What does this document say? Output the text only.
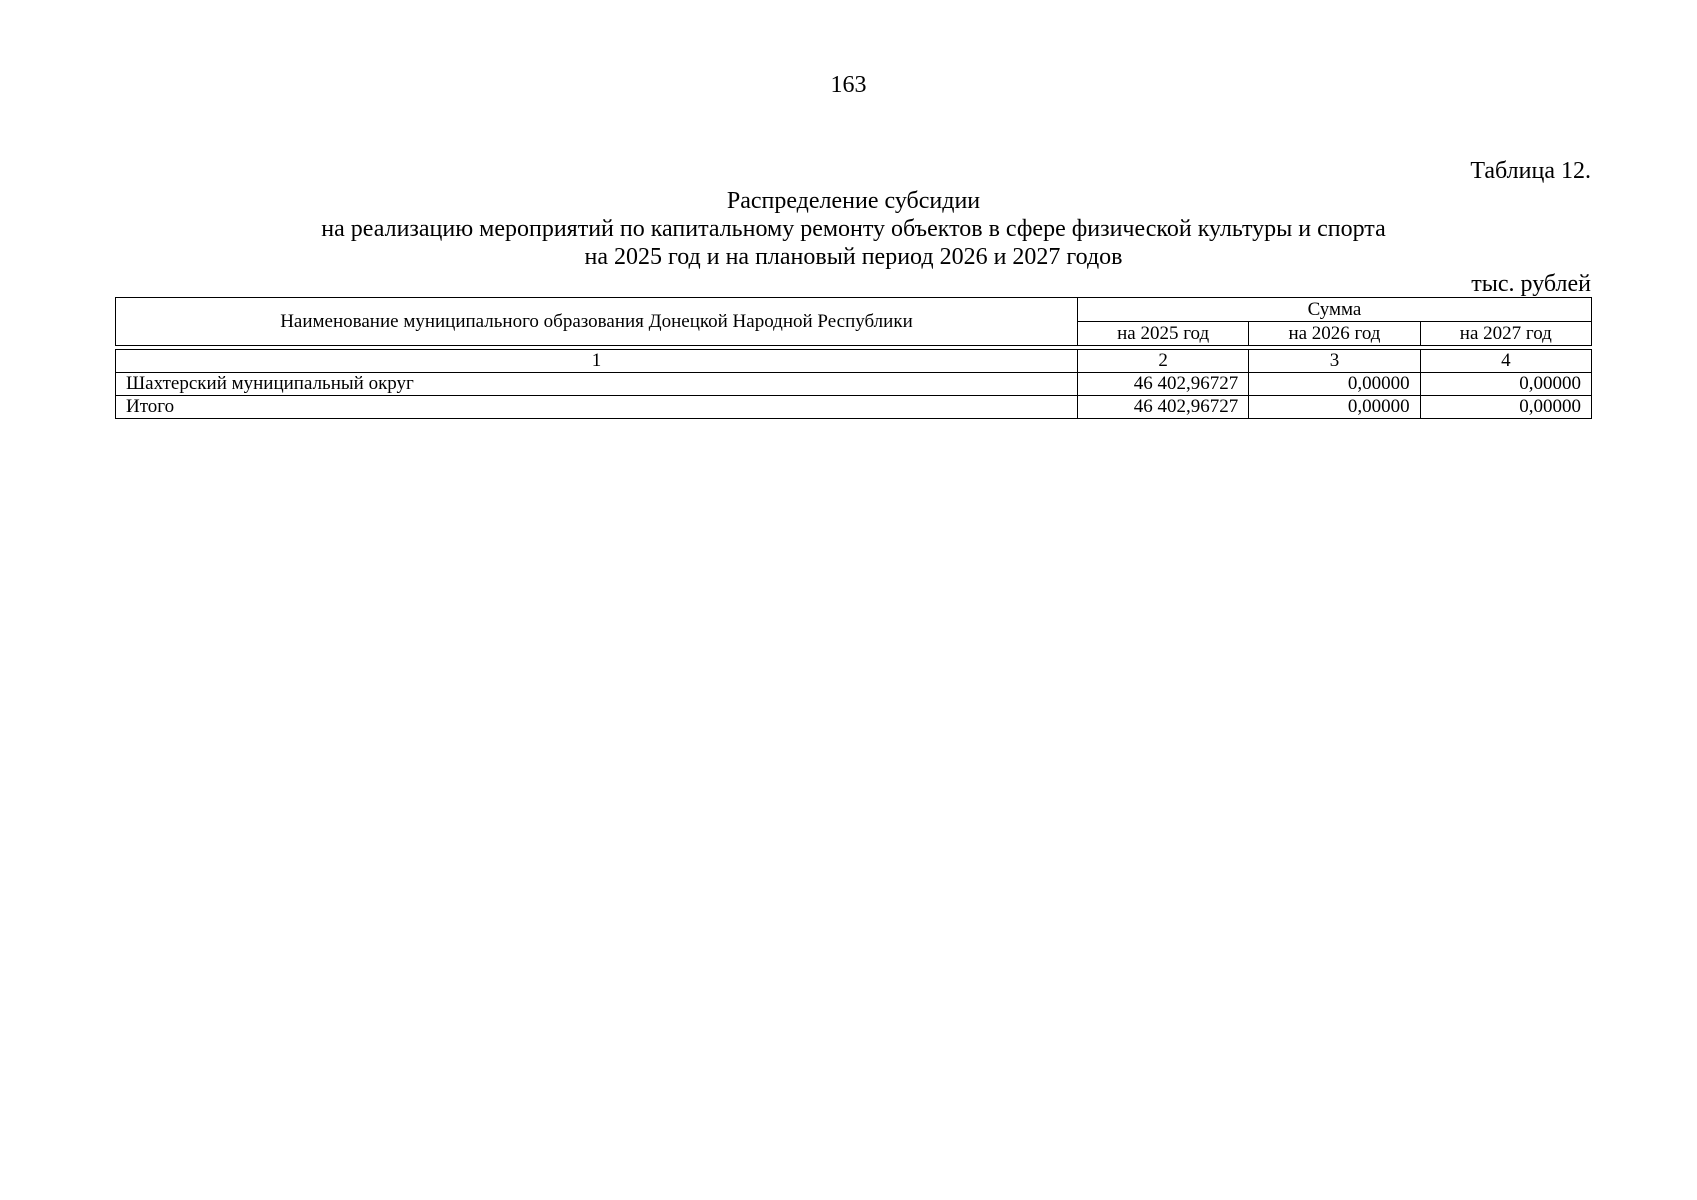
163
Таблица 12.
Распределение субсидии
на реализацию мероприятий по капитальному ремонту объектов в сфере физической культуры и спорта
на 2025 год и на плановый период 2026 и 2027 годов
тыс. рублей
Наименование муниципального образования Донецкой Народной Республики	Сумма		
	на 2025 год	на 2026 год	на 2027 год
1	2	3	4
Шахтерский муниципальный округ	46 402,96727	0,00000	0,00000
Итого	46 402,96727	0,00000	0,00000
